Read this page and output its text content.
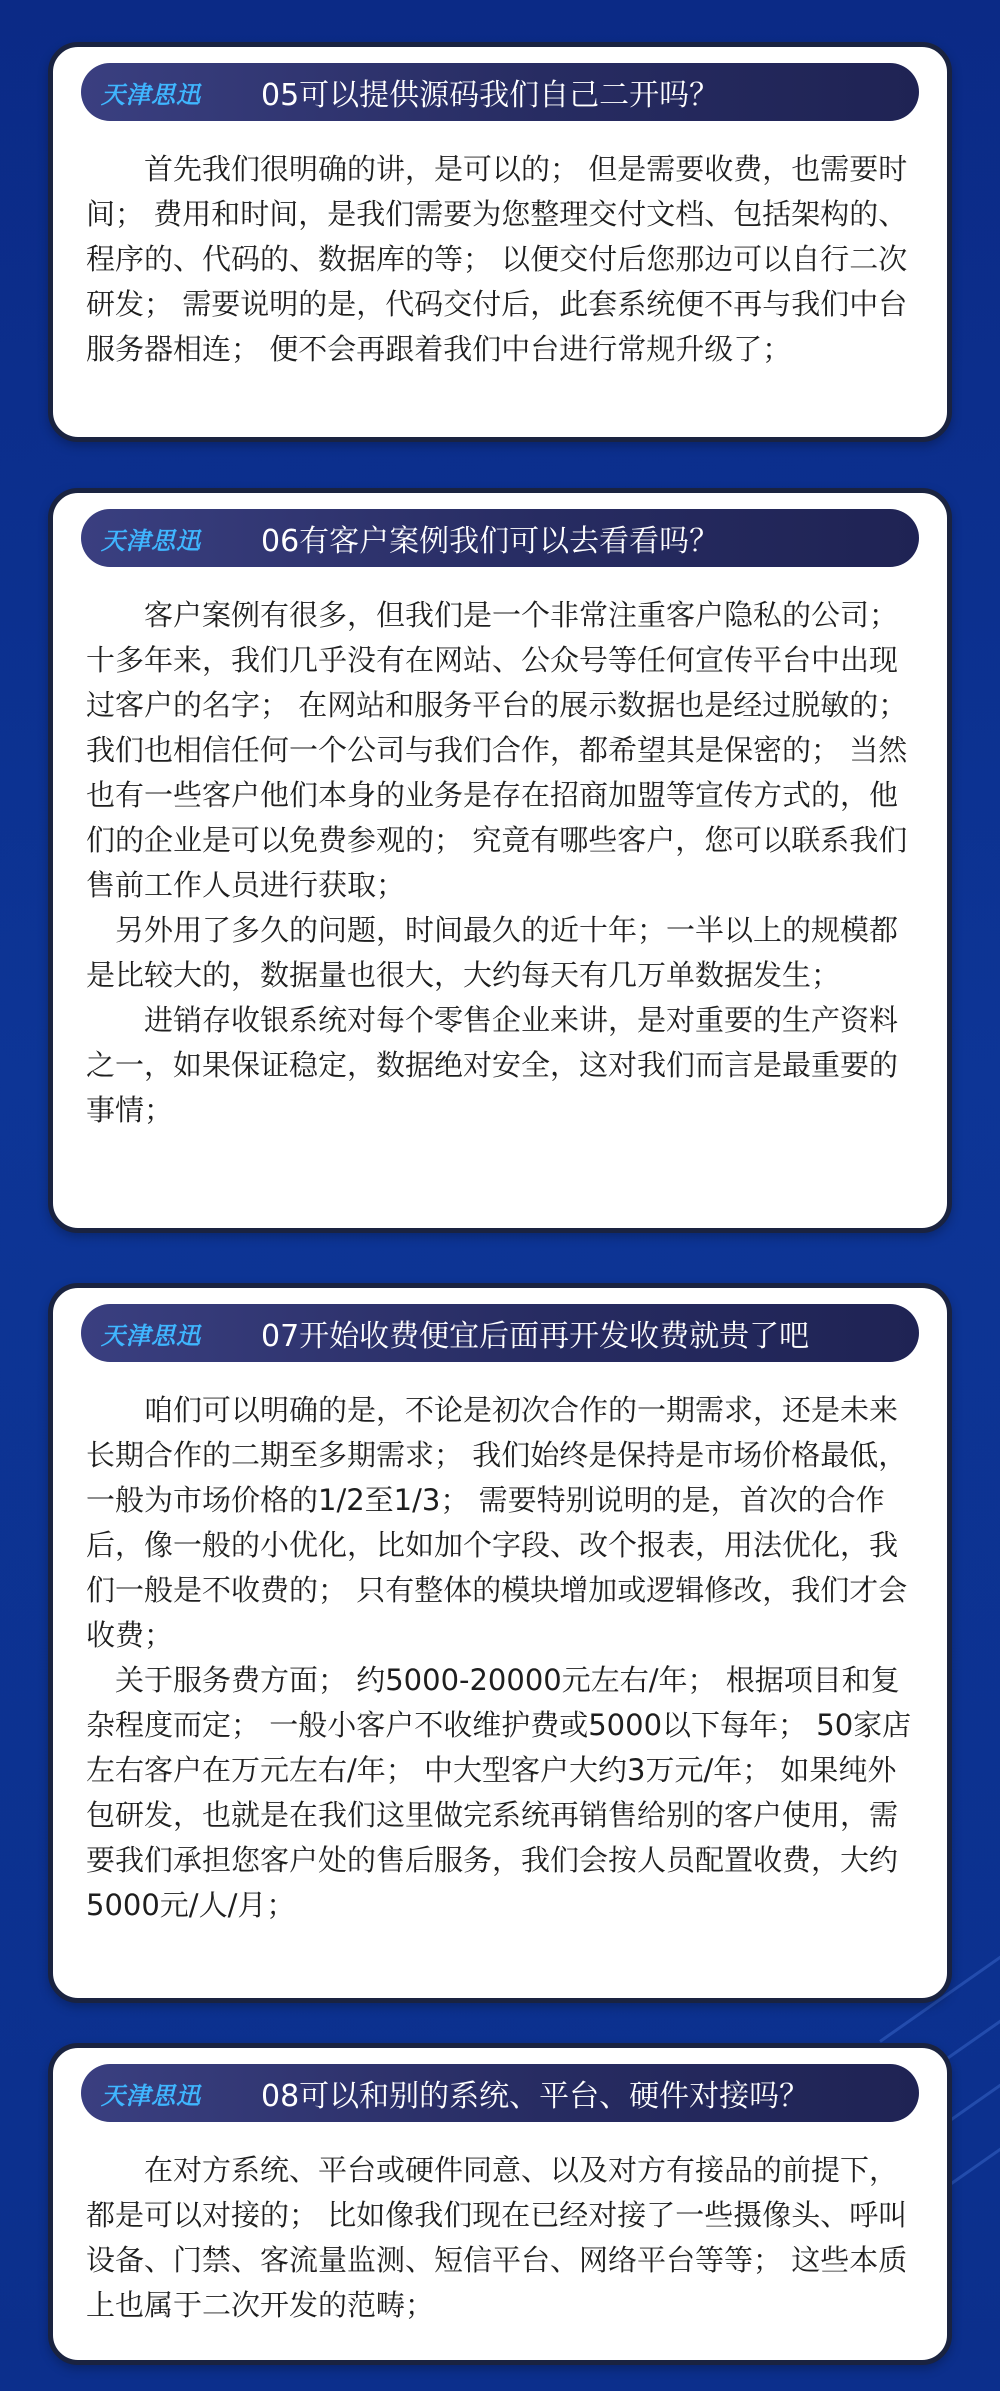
天津思迅	05可以提供源码我们自己二开吗？

首先我们很明确的讲，是可以的； 但是需要收费，也需要时间； 费用和时间，是我们需要为您整理交付文档、包括架构的、程序的、代码的、数据库的等； 以便交付后您那边可以自行二次研发； 需要说明的是，代码交付后，此套系统便不再与我们中台服务器相连； 便不会再跟着我们中台进行常规升级了；

天津思迅	06有客户案例我们可以去看看吗？

客户案例有很多，但我们是一个非常注重客户隐私的公司； 十多年来，我们几乎没有在网站、公众号等任何宣传平台中出现过客户的名字； 在网站和服务平台的展示数据也是经过脱敏的； 我们也相信任何一个公司与我们合作，都希望其是保密的； 当然也有一些客户他们本身的业务是存在招商加盟等宣传方式的，他们的企业是可以免费参观的； 究竟有哪些客户，您可以联系我们售前工作人员进行获取；

另外用了多久的问题，时间最久的近十年；一半以上的规模都是比较大的，数据量也很大，大约每天有几万单数据发生；

进销存收银系统对每个零售企业来讲，是对重要的生产资料之一，如果保证稳定，数据绝对安全，这对我们而言是最重要的事情；

天津思迅	07开始收费便宜后面再开发收费就贵了吧

咱们可以明确的是，不论是初次合作的一期需求，还是未来长期合作的二期至多期需求； 我们始终是保持是市场价格最低，一般为市场价格的1/2至1/3； 需要特别说明的是，首次的合作后，像一般的小优化，比如加个字段、改个报表，用法优化，我们一般是不收费的； 只有整体的模块增加或逻辑修改，我们才会收费；

关于服务费方面； 约5000-20000元左右/年； 根据项目和复杂程度而定； 一般小客户不收维护费或5000以下每年； 50家店左右客户在万元左右/年； 中大型客户大约3万元/年； 如果纯外包研发，也就是在我们这里做完系统再销售给别的客户使用，需要我们承担您客户处的售后服务，我们会按人员配置收费，大约5000元/人/月；

天津思迅	08可以和别的系统、平台、硬件对接吗？

在对方系统、平台或硬件同意、以及对方有接品的前提下，都是可以对接的； 比如像我们现在已经对接了一些摄像头、呼叫设备、门禁、客流量监测、短信平台、网络平台等等； 这些本质上也属于二次开发的范畴；
